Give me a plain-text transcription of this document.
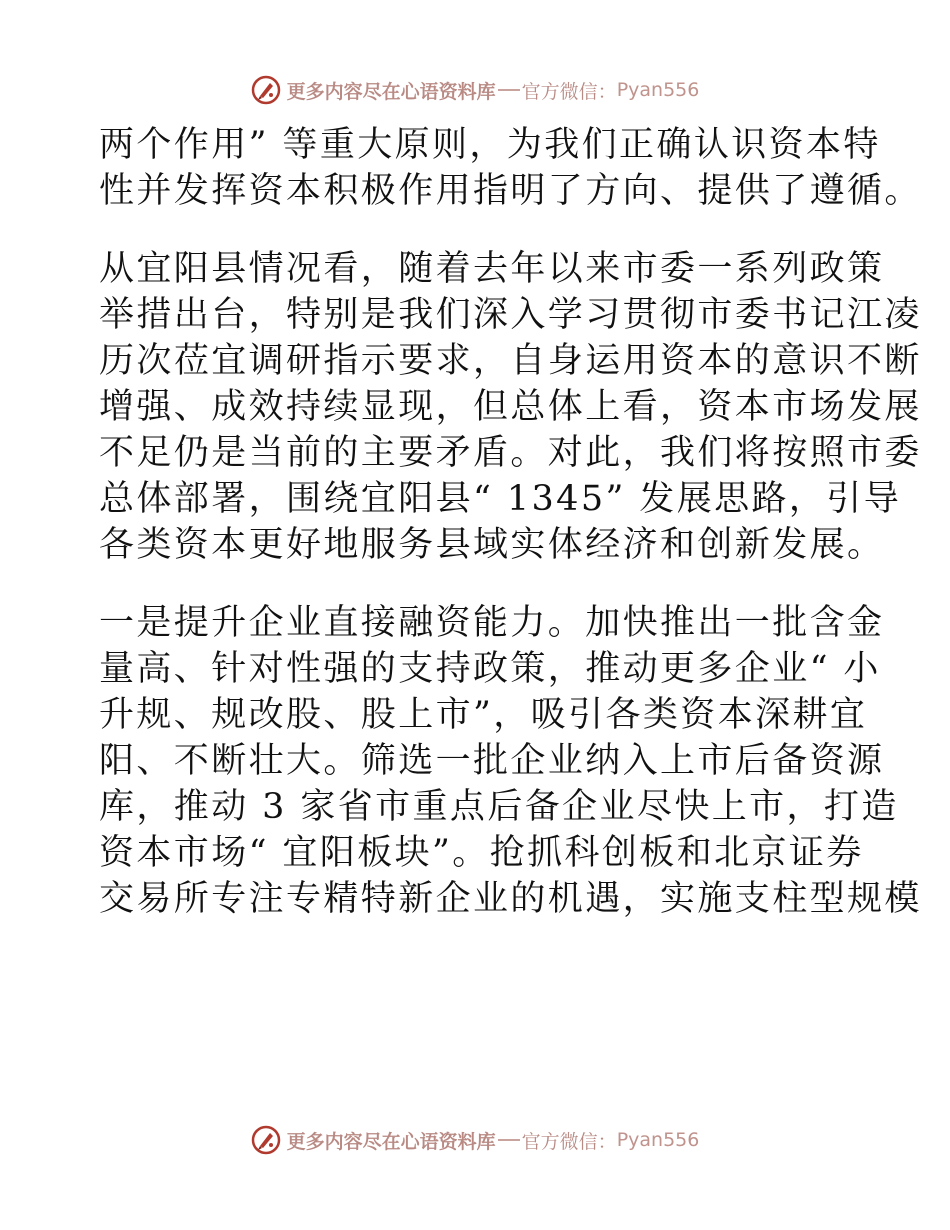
更多内容尽在心语资料库 官方微信： Pyan556
两个作用” 等重大原则，为我们正确认识资本特
性并发挥资本积极作用指明了方向、提供了遵循。
从宜阳县情况看，随着去年以来市委一系列政策
举措出台，特别是我们深入学习贯彻市委书记江凌
历次莅宜调研指示要求，自身运用资本的意识不断
增强、成效持续显现，但总体上看，资本市场发展
不足仍是当前的主要矛盾。对此，我们将按照市委
总体部署，围绕宜阳县“ 1345” 发展思路，引导
各类资本更好地服务县域实体经济和创新发展。
一是提升企业直接融资能力。加快推出一批含金
量高、针对性强的支持政策，推动更多企业“ 小
升规、规改股、股上市”，吸引各类资本深耕宜
阳、不断壮大。筛选一批企业纳入上市后备资源
库，推动 3 家省市重点后备企业尽快上市，打造
资本市场“ 宜阳板块”。抢抓科创板和北京证券
交易所专注专精特新企业的机遇，实施支柱型规模
更多内容尽在心语资料库 官方微信： Pyan556
